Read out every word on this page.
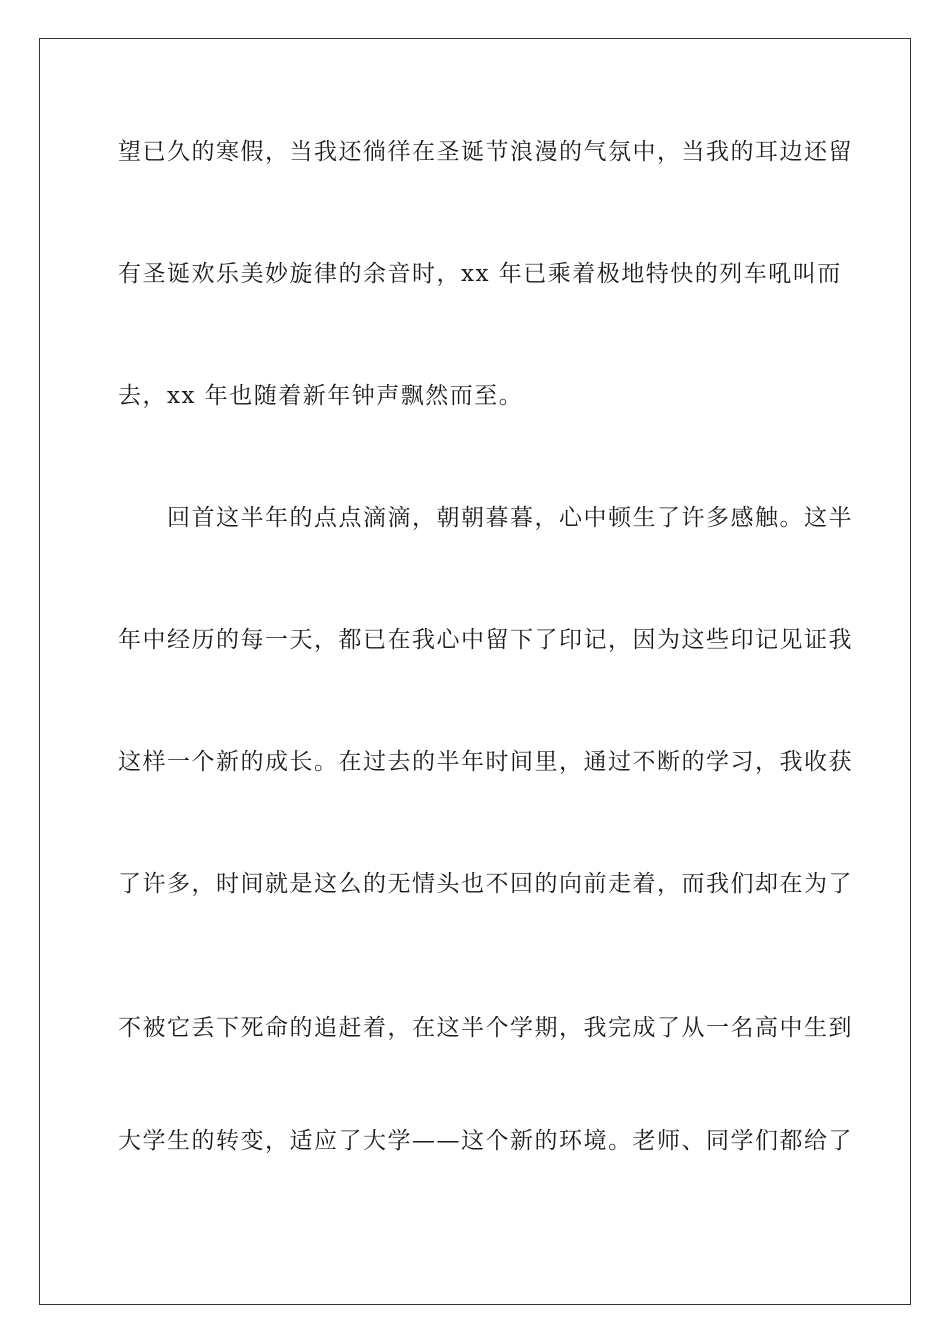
望已久的寒假，当我还徜徉在圣诞节浪漫的气氛中，当我的耳边还留
有圣诞欢乐美妙旋律的余音时，xx 年已乘着极地特快的列车吼叫而
去，xx 年也随着新年钟声飘然而至。
　　回首这半年的点点滴滴，朝朝暮暮，心中顿生了许多感触。这半
年中经历的每一天，都已在我心中留下了印记，因为这些印记见证我
这样一个新的成长。在过去的半年时间里，通过不断的学习，我收获
了许多，时间就是这么的无情头也不回的向前走着，而我们却在为了
不被它丢下死命的追赶着，在这半个学期，我完成了从一名高中生到
大学生的转变，适应了大学——这个新的环境。老师、同学们都给了
